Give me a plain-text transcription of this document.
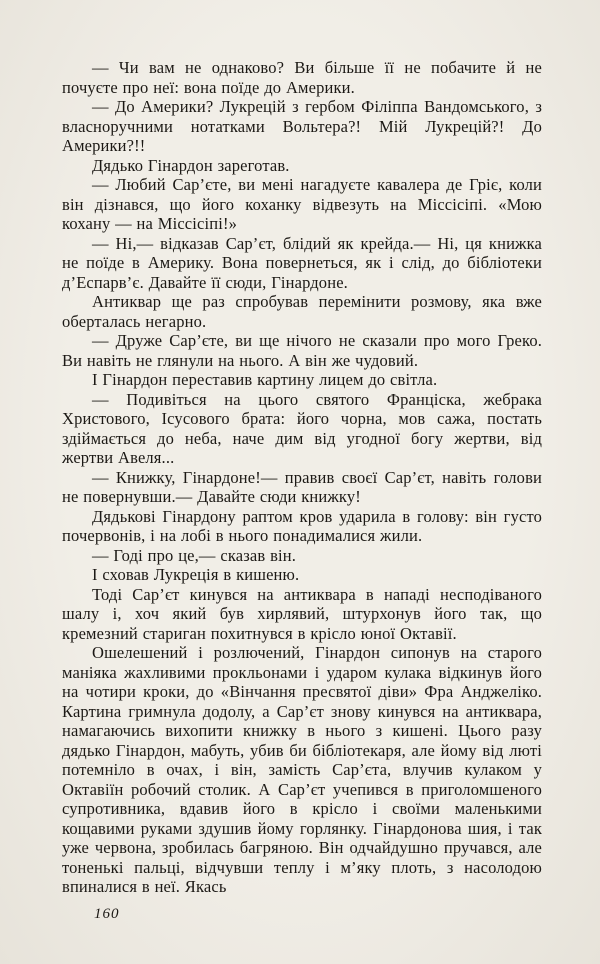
— Чи вам не однаково? Ви більше її не побачите й не почуєте про неї: вона поїде до Америки.

— До Америки? Лукрецій з гербом Філіппа Вандомського, з власноручними нотатками Вольтера?! Мій Лукрецій?! До Америки?!!

Дядько Гінардон зареготав.

— Любий Сар’єте, ви мені нагадуєте кавалера де Гріє, коли він дізнався, що його коханку відвезуть на Міссісіпі. «Мою кохану — на Міссісіпі!»

— Ні,— відказав Сар’єт, блідий як крейда.— Ні, ця книжка не поїде в Америку. Вона повернеться, як і слід, до бібліотеки д’Еспарв’є. Давайте її сюди, Гінардоне.

Антиквар ще раз спробував перемінити розмову, яка вже оберталась негарно.

— Друже Сар’єте, ви ще нічого не сказали про мого Греко. Ви навіть не глянули на нього. А він же чудовий.

І Гінардон переставив картину лицем до світла.

— Подивіться на цього святого Франціска, жебрака Христового, Ісусового брата: його чорна, мов сажа, постать здіймається до неба, наче дим від угодної богу жертви, від жертви Авеля...

— Книжку, Гінардоне!— правив своєї Сар’єт, навіть голови не повернувши.— Давайте сюди книжку!

Дядькові Гінардону раптом кров ударила в голову: він густо почервонів, і на лобі в нього понадималися жили.

— Годі про це,— сказав він.

І сховав Лукреція в кишеню.

Тоді Сар’єт кинувся на антиквара в нападі несподіваного шалу і, хоч який був хирлявий, штурхонув його так, що кремезний стариган похитнувся в крісло юної Октавії.

Ошелешений і розлючений, Гінардон сипонув на старого маніяка жахливими прокльонами і ударом кулака відкинув його на чотири кроки, до «Вінчання пресвятої діви» Фра Анджеліко. Картина гримнула додолу, а Сар’єт знову кинувся на антиквара, намагаючись вихопити книжку в нього з кишені. Цього разу дядько Гінардон, мабуть, убив би бібліотекаря, але йому від люті потемніло в очах, і він, замість Сар’єта, влучив кулаком у Октавіїн робочий столик. А Сар’єт учепився в приголомшеного супротивника, вдавив його в крісло і своїми маленькими кощавими руками здушив йому горлянку. Гінардонова шия, і так уже червона, зробилась багряною. Він одчайдушно пручався, але тоненькі пальці, відчувши теплу і м’яку плоть, з насолодою впиналися в неї. Якась

160
